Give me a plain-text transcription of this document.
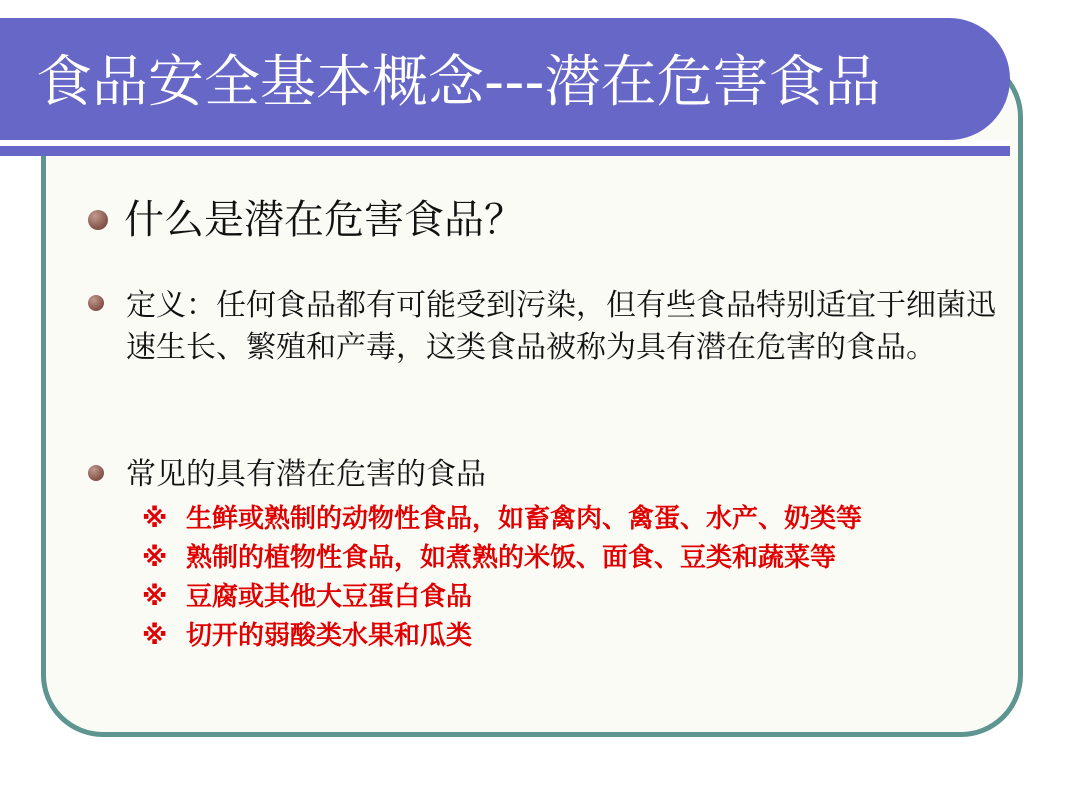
食品安全基本概念---潜在危害食品
什么是潜在危害食品？
定义：任何食品都有可能受到污染，但有些食品特别适宜于细菌迅速生长、繁殖和产毒，这类食品被称为具有潜在危害的食品。
常见的具有潜在危害的食品
※ 生鲜或熟制的动物性食品，如畜禽肉、禽蛋、水产、奶类等
※ 熟制的植物性食品，如煮熟的米饭、面食、豆类和蔬菜等
※ 豆腐或其他大豆蛋白食品
※ 切开的弱酸类水果和瓜类
